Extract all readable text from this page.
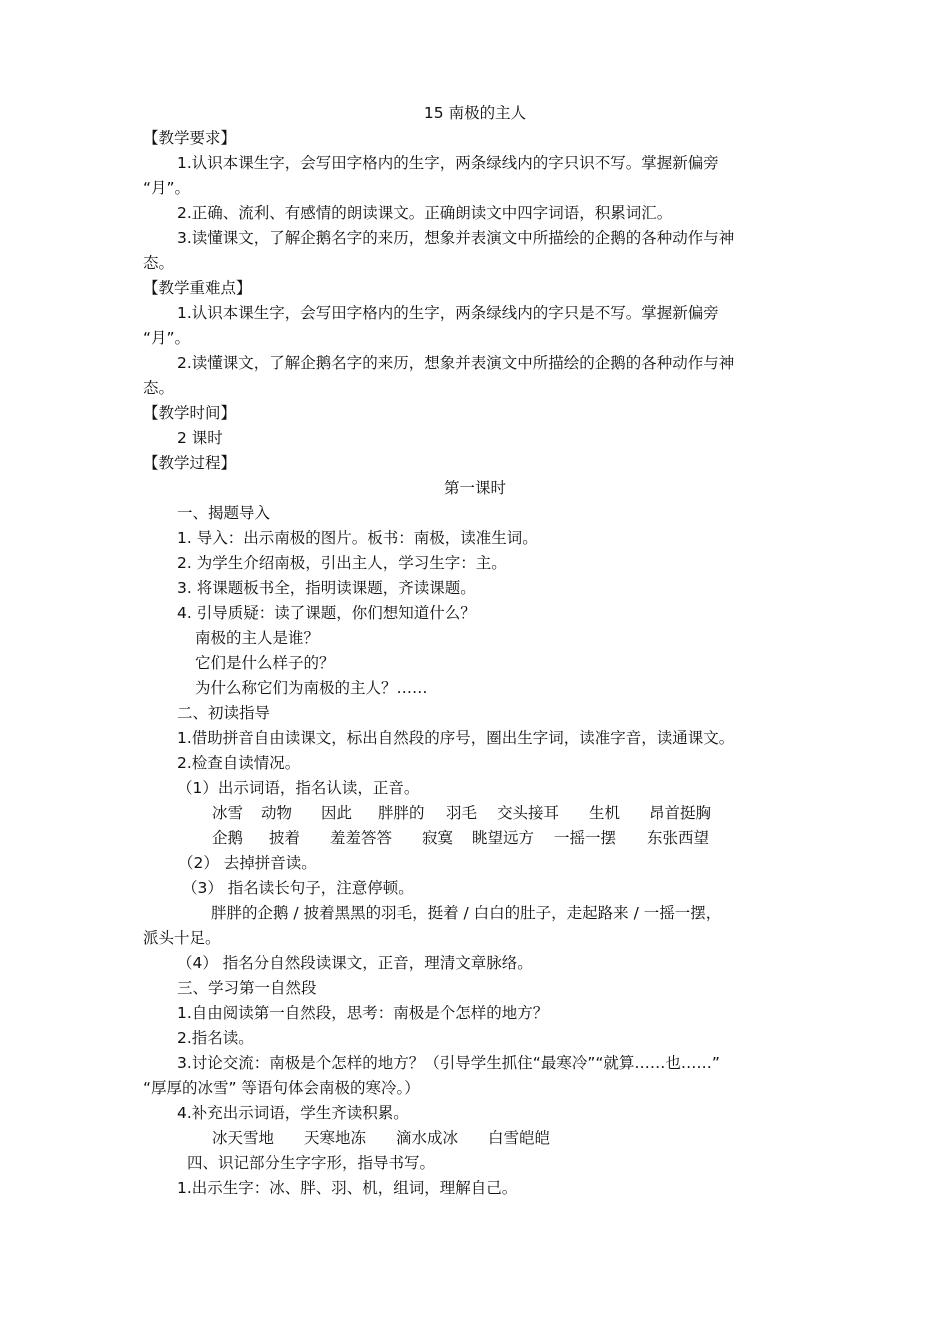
15 南极的主人
【教学要求】
1.认识本课生字，会写田字格内的生字，两条绿线内的字只识不写。掌握新偏旁
“月”。
2.正确、流利、有感情的朗读课文。正确朗读文中四字词语，积累词汇。
3.读懂课文，了解企鹅名字的来历，想象并表演文中所描绘的企鹅的各种动作与神
态。
【教学重难点】
1.认识本课生字，会写田字格内的生字，两条绿线内的字只是不写。掌握新偏旁
“月”。
2.读懂课文，了解企鹅名字的来历，想象并表演文中所描绘的企鹅的各种动作与神
态。
【教学时间】
2 课时
【教学过程】
第一课时
一、揭题导入
1. 导入：出示南极的图片。板书：南极，读准生词。
2. 为学生介绍南极，引出主人，学习生字：主。
3. 将课题板书全，指明读课题，齐读课题。
4. 引导质疑：读了课题，你们想知道什么？
南极的主人是谁？
它们是什么样子的？
为什么称它们为南极的主人？……
二、初读指导
1.借助拼音自由读课文，标出自然段的序号，圈出生字词，读准字音，读通课文。
2.检查自读情况。
（1）出示词语，指名认读，正音。
冰雪 动物 因此 胖胖的 羽毛 交头接耳 生机 昂首挺胸
企鹅 披着 羞羞答答 寂寞 眺望远方 一摇一摆 东张西望
（2） 去掉拼音读。
（3） 指名读长句子，注意停顿。
胖胖的企鹅 / 披着黑黑的羽毛，挺着 / 白白的肚子，走起路来 / 一摇一摆，
派头十足。
（4） 指名分自然段读课文，正音，理清文章脉络。
三、学习第一自然段
1.自由阅读第一自然段，思考：南极是个怎样的地方？
2.指名读。
3.讨论交流：南极是个怎样的地方？（引导学生抓住“最寒冷”“就算……也……”
“厚厚的冰雪” 等语句体会南极的寒冷。）
4.补充出示词语，学生齐读积累。
冰天雪地 天寒地冻 滴水成冰 白雪皑皑
四、识记部分生字字形，指导书写。
1.出示生字：冰、胖、羽、机，组词，理解自己。
